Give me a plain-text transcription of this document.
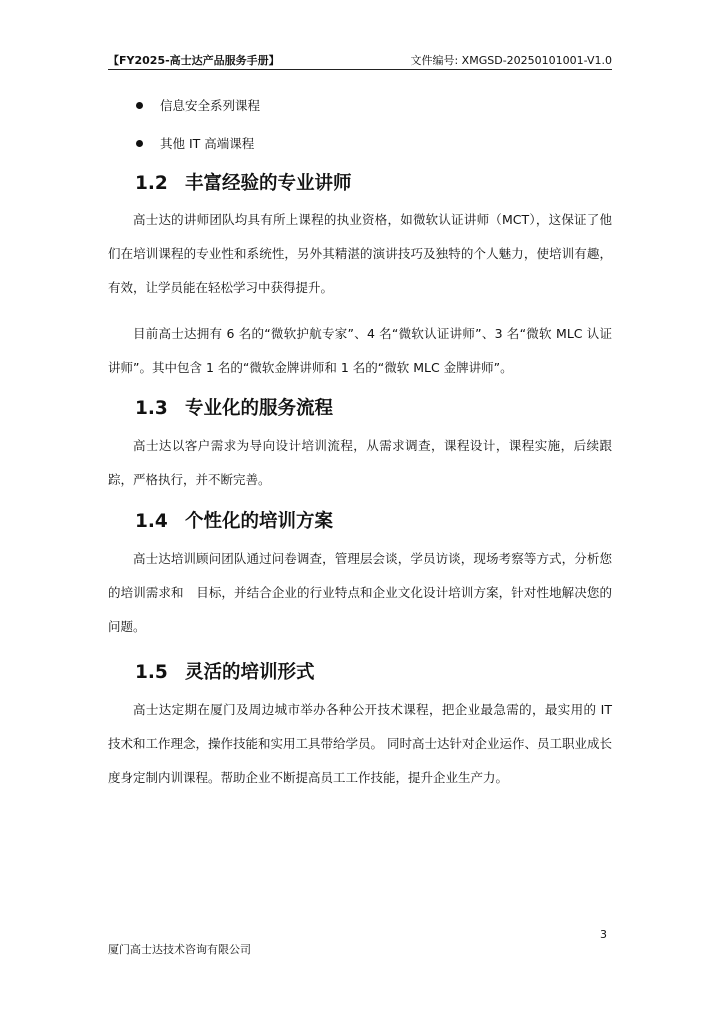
【FY2025-高士达产品服务手册】	文件编号: XMGSD-20250101001-V1.0
信息安全系列课程
其他 IT 高端课程
1.2 丰富经验的专业讲师
高士达的讲师团队均具有所上课程的执业资格，如微软认证讲师（MCT），这保证了他们在培训课程的专业性和系统性，另外其精湛的演讲技巧及独特的个人魅力，使培训有趣，有效，让学员能在轻松学习中获得提升。
目前高士达拥有 6 名的“微软护航专家”、4 名“微软认证讲师”、3 名“微软 MLC 认证讲师”。其中包含 1 名的“微软金牌讲师和 1 名的“微软 MLC 金牌讲师”。
1.3 专业化的服务流程
高士达以客户需求为导向设计培训流程，从需求调查，课程设计，课程实施，后续跟踪，严格执行，并不断完善。
1.4 个性化的培训方案
高士达培训顾问团队通过问卷调查，管理层会谈，学员访谈，现场考察等方式，分析您的培训需求和　目标，并结合企业的行业特点和企业文化设计培训方案，针对性地解决您的问题。
1.5 灵活的培训形式
高士达定期在厦门及周边城市举办各种公开技术课程，把企业最急需的，最实用的 IT 技术和工作理念，操作技能和实用工具带给学员。 同时高士达针对企业运作、员工职业成长度身定制内训课程。帮助企业不断提高员工工作技能，提升企业生产力。
3
厦门高士达技术咨询有限公司
